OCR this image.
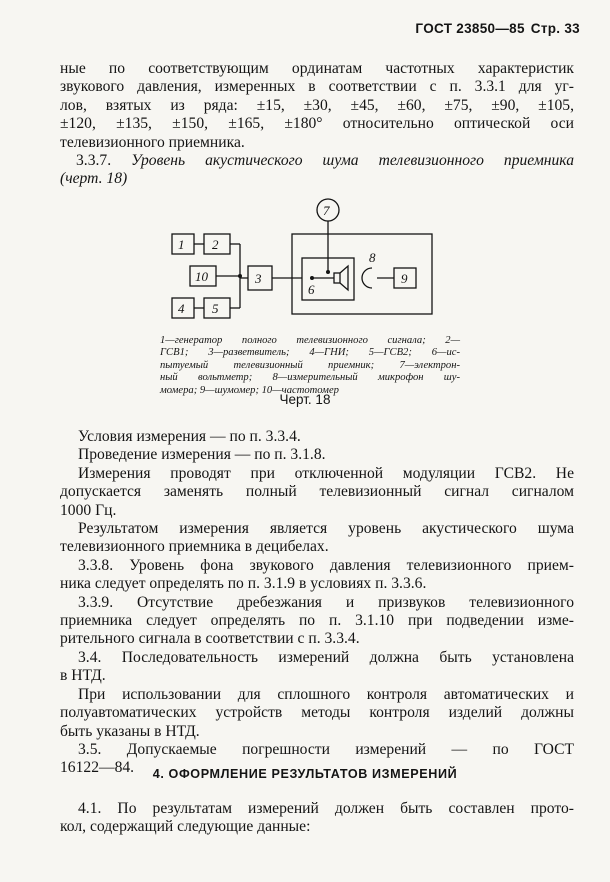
ГОСТ 23850—85 Стр. 33
ные по соответствующим ординатам частотных характеристик
звукового давления, измеренных в соответствии с п. 3.3.1 для уг-
лов, взятых из ряда: ±15, ±30, ±45, ±60, ±75, ±90, ±105,
±120, ±135, ±150, ±165, ±180° относительно оптической оси
телевизионного приемника.
3.3.7. Уровень акустического шума телевизионного приемника
(черт. 18)
1 2
10	3
4 5
6
7
8
9
1—генератор полного телевизионного сигнала; 2—
ГСВ1; 3—разветвитель; 4—ГНИ; 5—ГСВ2; 6—ис-
пытуемый телевизионный приемник; 7—электрон-
ный вольтметр; 8—измерительный микрофон шу-
момера; 9—шумомер; 10—частотомер
Черт. 18
Условия измерения — по п. 3.3.4.
Проведение измерения — по п. 3.1.8.
Измерения проводят при отключенной модуляции ГСВ2. Не
допускается заменять полный телевизионный сигнал сигналом
1000 Гц.
Результатом измерения является уровень акустического шума
телевизионного приемника в децибелах.
3.3.8. Уровень фона звукового давления телевизионного прием-
ника следует определять по п. 3.1.9 в условиях п. 3.3.6.
3.3.9. Отсутствие дребезжания и призвуков телевизионного
приемника следует определять по п. 3.1.10 при подведении изме-
рительного сигнала в соответствии с п. 3.3.4.
3.4. Последовательность измерений должна быть установлена
в НТД.
При использовании для сплошного контроля автоматических и
полуавтоматических устройств методы контроля изделий должны
быть указаны в НТД.
3.5. Допускаемые погрешности измерений — по ГОСТ
16122—84.	4. ОФОРМЛЕНИЕ РЕЗУЛЬТАТОВ ИЗМЕРЕНИЙ
4.1. По результатам измерений должен быть составлен прото-
кол, содержащий следующие данные:
